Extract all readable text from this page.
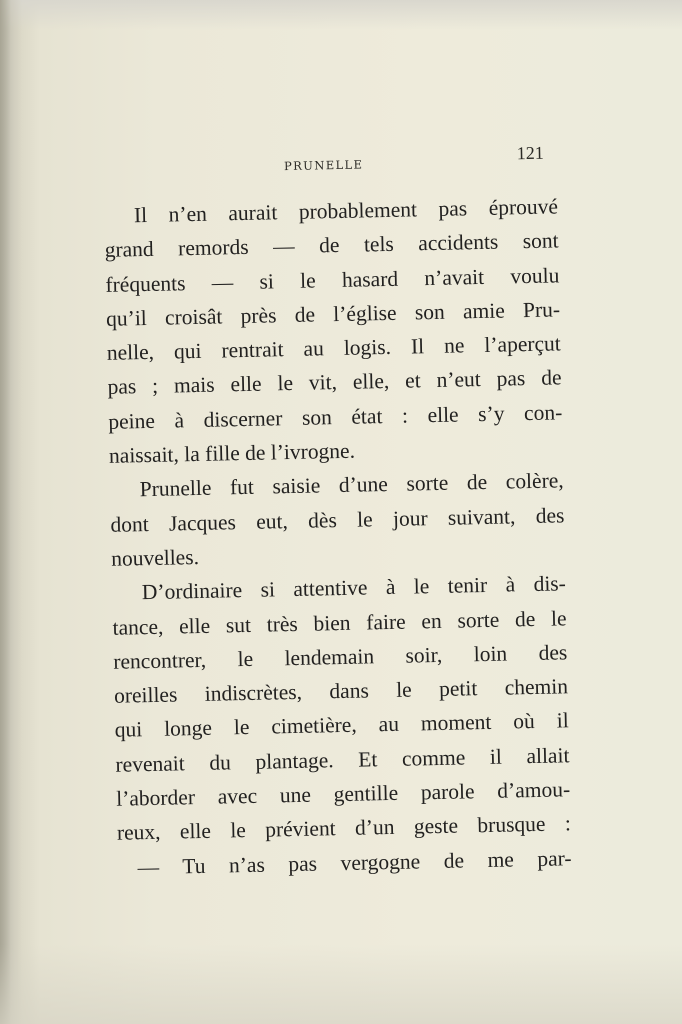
PRUNELLE
121
Il n’en aurait probablement pas éprouvé
grand remords — de tels accidents sont
fréquents — si le hasard n’avait voulu
qu’il croisât près de l’église son amie Pru-
nelle, qui rentrait au logis. Il ne l’aperçut
pas ; mais elle le vit, elle, et n’eut pas de
peine à discerner son état : elle s’y con-
naissait, la fille de l’ivrogne.
Prunelle fut saisie d’une sorte de colère,
dont Jacques eut, dès le jour suivant, des
nouvelles.
D’ordinaire si attentive à le tenir à dis-
tance, elle sut très bien faire en sorte de le
rencontrer, le lendemain soir, loin des
oreilles indiscrètes, dans le petit chemin
qui longe le cimetière, au moment où il
revenait du plantage. Et comme il allait
l’aborder avec une gentille parole d’amou-
reux, elle le prévient d’un geste brusque :
— Tu n’as pas vergogne de me par-
